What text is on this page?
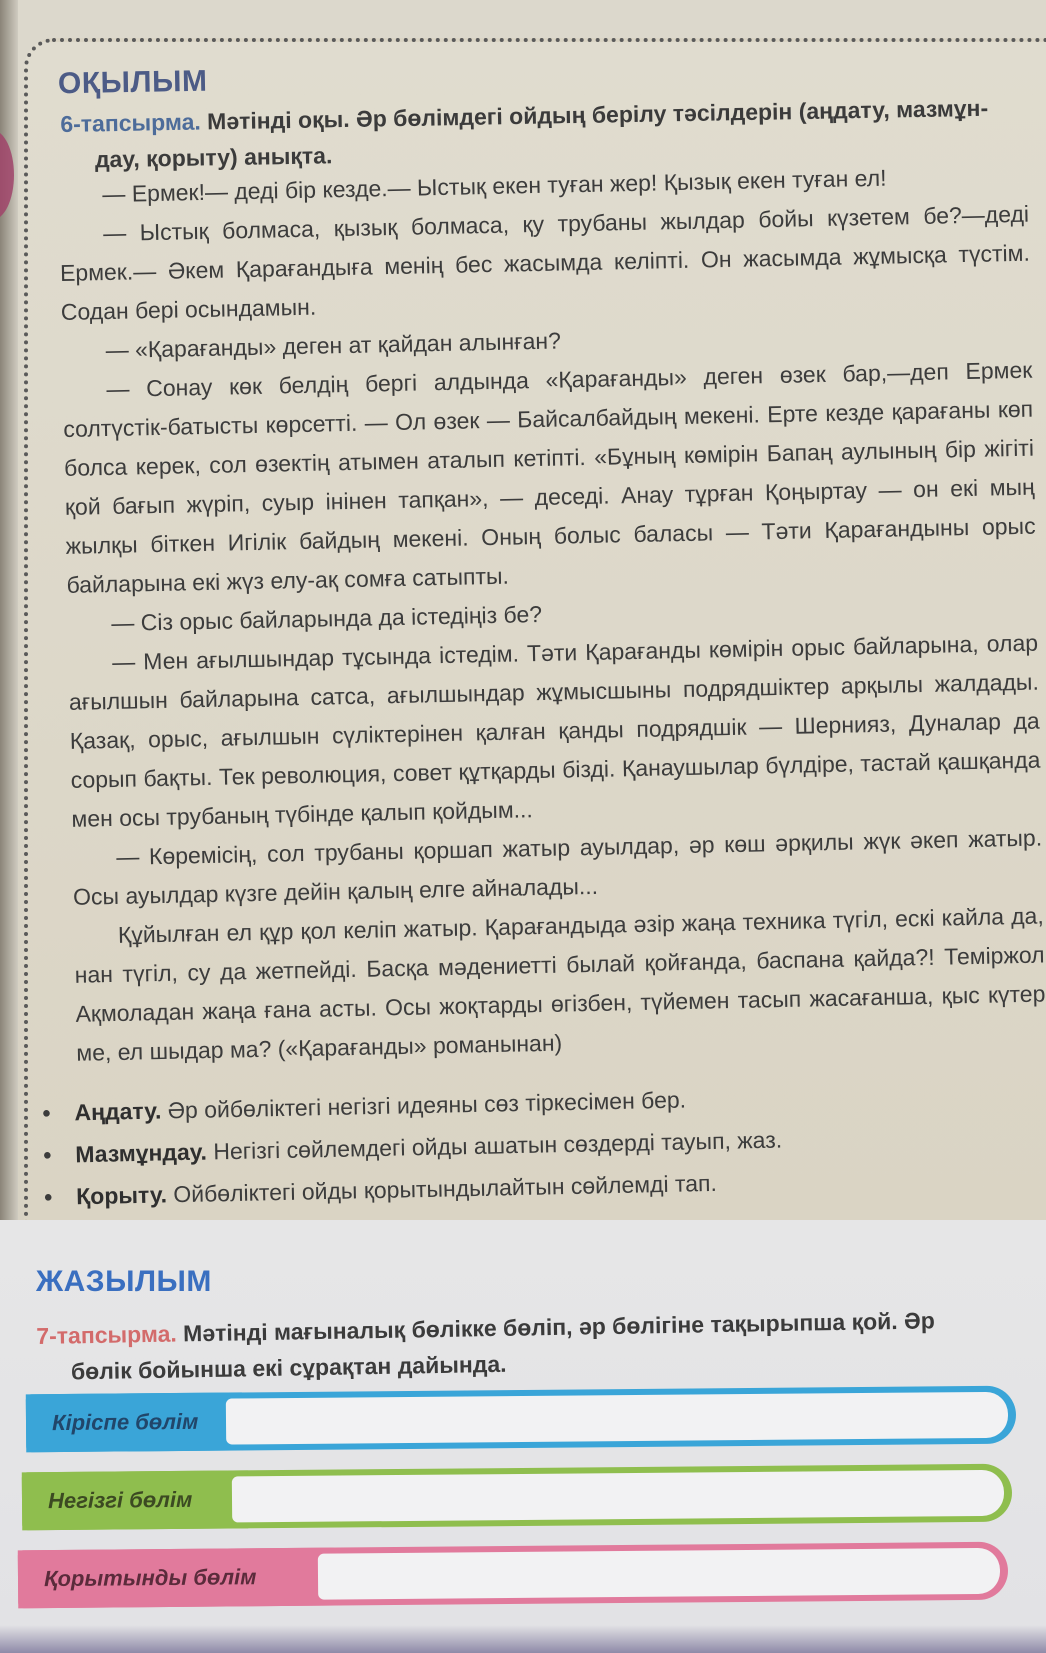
ОҚЫЛЫМ
6-тапсырма. Мәтінді оқы. Әр бөлімдегі ойдың берілу тәсілдерін (аңдату, мазмұн-
дау, қорыту) анықта.

— Ермек!— деді бір кезде.— Ыстық екен туған жер! Қызық екен туған ел!

— Ыстық болмаса, қызық болмаса, қу трубаны жылдар бойы күзетем бе?—деді Ермек.— Әкем Қарағандыға менің бес жасымда келіпті. Он жасымда жұмысқа түстім. Содан бері осындамын.

— «Қарағанды» деген ат қайдан алынған?

— Сонау көк белдің бергі алдында «Қарағанды» деген өзек бар,—деп Ермек солтүстік-батысты көрсетті. — Ол өзек — Байсалбайдың мекені. Ерте кезде қарағаны көп болса керек, сол өзектің атымен аталып кетіпті. «Бұның көмірін Бапаң аулының бір жігіті қой бағып жүріп, суыр інінен тапқан», — деседі. Анау тұрған Қоңыртау — он екі мың жылқы біткен Игілік байдың мекені. Оның болыс баласы — Тәти Қарағандыны орыс байларына екі жүз елу-ақ сомға сатыпты.

— Сіз орыс байларында да істедіңіз бе?

— Мен ағылшындар тұсында істедім. Тәти Қарағанды көмірін орыс байларына, олар ағылшын байларына сатса, ағылшындар жұмысшыны подрядшіктер арқылы жалдады. Қазақ, орыс, ағылшын сүліктерінен қалған қанды подрядшік — Шернияз, Дуналар да сорып бақты. Тек революция, совет құтқарды бізді. Қанаушылар бүлдіре, тастай қашқанда мен осы трубаның түбінде қалып қойдым...

— Көремісің, сол трубаны қоршап жатыр ауылдар, әр көш әрқилы жүк әкеп жатыр. Осы ауылдар күзге дейін қалың елге айналады...

Құйылған ел құр қол келіп жатыр. Қарағандыда әзір жаңа техника түгіл, ескі кайла да, нан түгіл, су да жетпейді. Басқа мәдениетті былай қойғанда, баспана қайда?! Теміржол Ақмоладан жаңа ғана асты. Осы жоқтарды өгізбен, түйемен тасып жасағанша, қыс күтер ме, ел шыдар ма? («Қарағанды» романынан)

• Аңдату. Әр ойбөліктегі негізгі идеяны сөз тіркесімен бер.
• Мазмұндау. Негізгі сөйлемдегі ойды ашатын сөздерді тауып, жаз.
• Қорыту. Ойбөліктегі ойды қорытындылайтын сөйлемді тап.
ЖАЗЫЛЫМ
7-тапсырма. Мәтінді мағыналық бөлікке бөліп, әр бөлігіне тақырыпша қой. Әр
бөлік бойынша екі сұрақтан дайында.
Кіріспе бөлім
Негізгі бөлім
Қорытынды бөлім
